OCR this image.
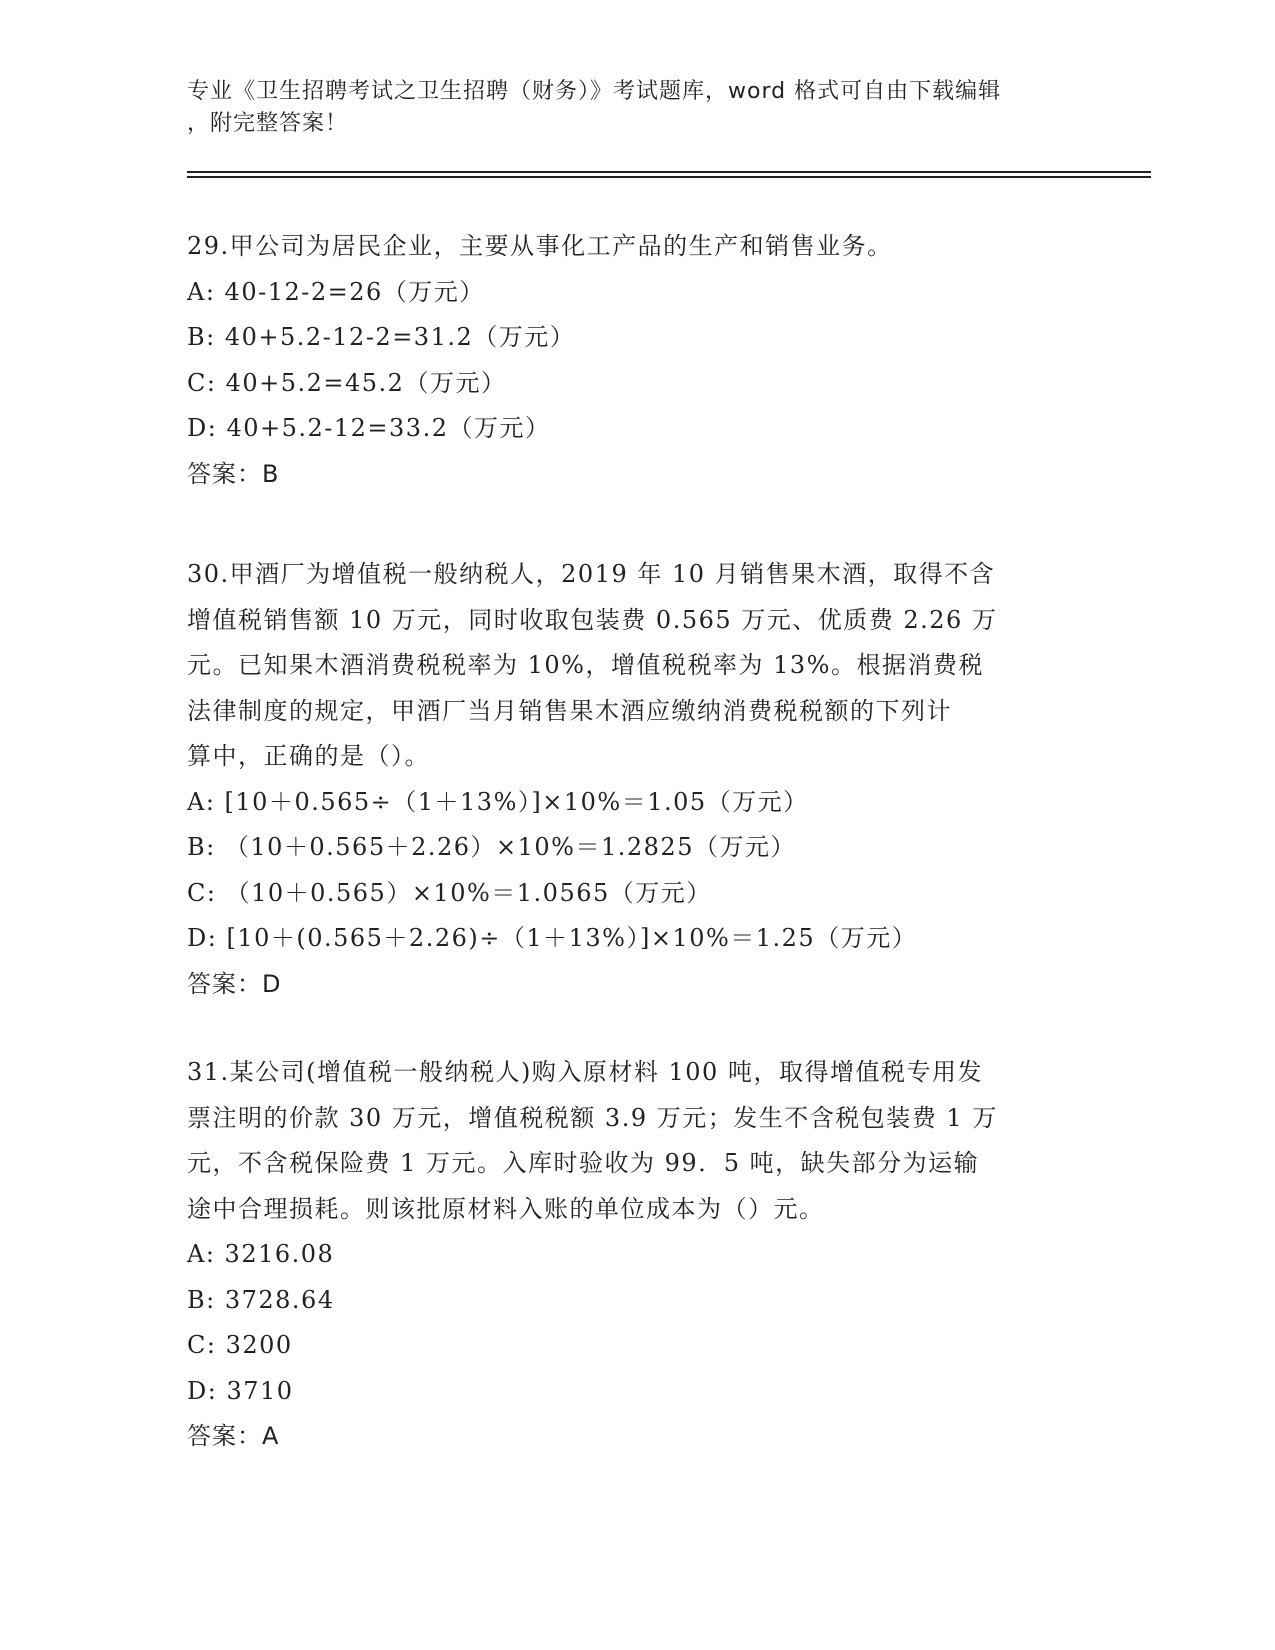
专业《卫生招聘考试之卫生招聘（财务）》考试题库，word 格式可自由下载编辑
，附完整答案！

29.甲公司为居民企业，主要从事化工产品的生产和销售业务。

A: 40-12-2=26（万元）

B: 40+5.2-12-2=31.2（万元）

C: 40+5.2=45.2（万元）

D: 40+5.2-12=33.2（万元）

答案：B

30.甲酒厂为增值税一般纳税人，2019 年 10 月销售果木酒，取得不含

增值税销售额 10 万元，同时收取包装费 0.565 万元、优质费 2.26 万

元。已知果木酒消费税税率为 10%，增值税税率为 13%。根据消费税

法律制度的规定，甲酒厂当月销售果木酒应缴纳消费税税额的下列计

算中，正确的是（）。

A: [10＋0.565÷（1＋13%）]×10%＝1.05（万元）

B: （10＋0.565＋2.26）×10%＝1.2825（万元）

C: （10＋0.565）×10%＝1.0565（万元）

D: [10＋(0.565＋2.26)÷（1＋13%）]×10%＝1.25（万元）

答案：D

31.某公司(增值税一般纳税人)购入原材料 100 吨，取得增值税专用发

票注明的价款 30 万元，增值税税额 3.9 万元；发生不含税包装费 1 万

元，不含税保险费 1 万元。入库时验收为 99．5 吨，缺失部分为运输

途中合理损耗。则该批原材料入账的单位成本为（）元。

A: 3216.08

B: 3728.64

C: 3200

D: 3710

答案：A
